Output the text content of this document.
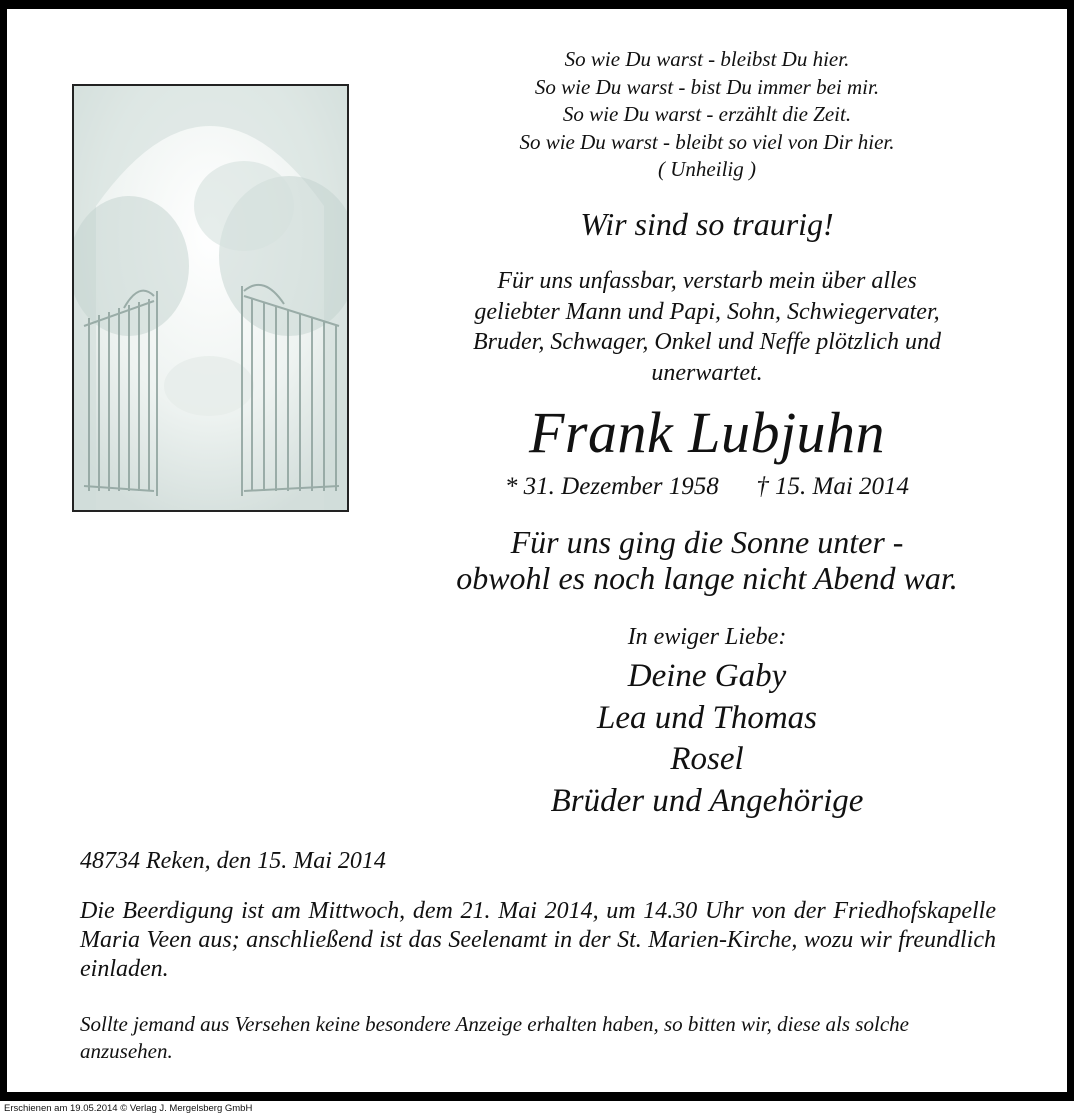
So wie Du warst - bleibst Du hier.
So wie Du warst - bist Du immer bei mir.
So wie Du warst - erzählt die Zeit.
So wie Du warst - bleibt so viel von Dir hier.
( Unheilig )
Wir sind so traurig!
Für uns unfassbar, verstarb mein über alles
geliebter Mann und Papi, Sohn, Schwiegervater,
Bruder, Schwager, Onkel und Neffe plötzlich und
unerwartet.
Frank Lubjuhn
* 31. Dezember 1958 † 15. Mai 2014
Für uns ging die Sonne unter -
obwohl es noch lange nicht Abend war.
In ewiger Liebe:
Deine Gaby
Lea und Thomas
Rosel
Brüder und Angehörige
48734 Reken, den 15. Mai 2014
Die Beerdigung ist am Mittwoch, dem 21. Mai 2014, um 14.30 Uhr von der Friedhofskapelle Maria Veen aus; anschließend ist das Seelenamt in der St. Marien-Kirche, wozu wir freundlich einladen.
Sollte jemand aus Versehen keine besondere Anzeige erhalten haben, so bitten wir, diese als solche anzusehen.
Erschienen am 19.05.2014 © Verlag J. Mergelsberg GmbH
